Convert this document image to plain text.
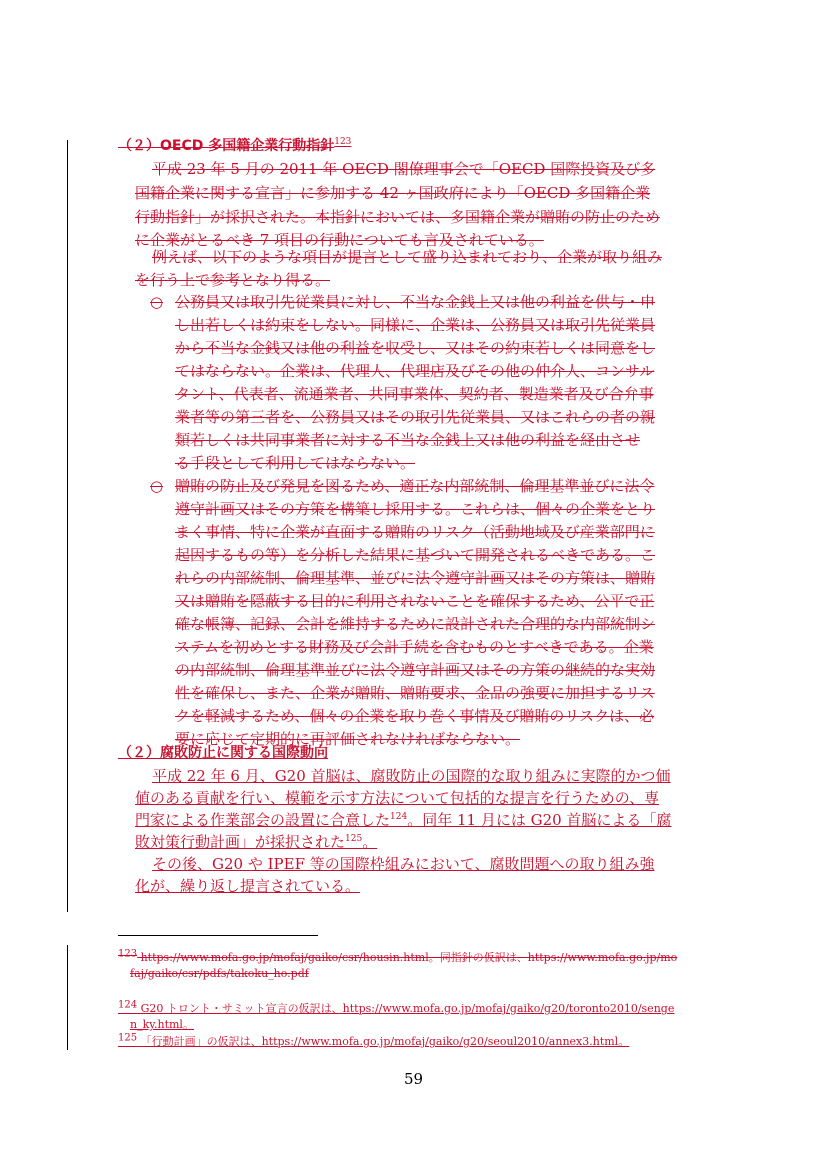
（２）OECD 多国籍企業行動指針$^{123}$
平成 23 年 5 月の 2011 年 OECD 閣僚理事会で「OECD 国際投資及び多
国籍企業に関する宣言」に参加する 42 ヶ国政府により「OECD 多国籍企業
行動指針」が採択された。本指針においては、多国籍企業が贈賄の防止のため
に企業がとるべき 7 項目の行動についても言及されている。
例えば、以下のような項目が提言として盛り込まれており、企業が取り組み
を行う上で参考となり得る。
○ 公務員又は取引先従業員に対し、不当な金銭上又は他の利益を供与・申
し出若しくは約束をしない。同様に、企業は、公務員又は取引先従業員
から不当な金銭又は他の利益を収受し、又はその約束若しくは同意をし
てはならない。企業は、代理人、代理店及びその他の仲介人、コンサル
タント、代表者、流通業者、共同事業体、契約者、製造業者及び合弁事
業者等の第三者を、公務員又はその取引先従業員、又はこれらの者の親
類若しくは共同事業者に対する不当な金銭上又は他の利益を経由させ
る手段として利用してはならない。
○ 贈賄の防止及び発見を図るため、適正な内部統制、倫理基準並びに法令
遵守計画又はその方策を構築し採用する。これらは、個々の企業をとり
まく事情、特に企業が直面する贈賄のリスク（活動地域及び産業部門に
起因するもの等）を分析した結果に基づいて開発されるべきである。こ
れらの内部統制、倫理基準、並びに法令遵守計画又はその方策は、贈賄
又は贈賄を隠蔽する目的に利用されないことを確保するため、公平で正
確な帳簿、記録、会計を維持するために設計された合理的な内部統制シ
ステムを初めとする財務及び会計手続を含むものとすべきである。企業
の内部統制、倫理基準並びに法令遵守計画又はその方策の継続的な実効
性を確保し、また、企業が贈賄、贈賄要求、金品の強要に加担するリス
クを軽減するため、個々の企業を取り巻く事情及び贈賄のリスクは、必
要に応じて定期的に再評価されなければならない。
（２）腐敗防止に関する国際動向
平成 22 年 6 月、G20 首脳は、腐敗防止の国際的な取り組みに実際的かつ価
値のある貢献を行い、模範を示す方法について包括的な提言を行うための、専
門家による作業部会の設置に合意した$^{124}$。同年 11 月には G20 首脳による「腐
敗対策行動計画」が採択された$^{125}$。
その後、G20 や IPEF 等の国際枠組みにおいて、腐敗問題への取り組み強
化が、繰り返し提言されている。
123 https://www.mofa.go.jp/mofaj/gaiko/csr/housin.html。同指針の仮訳は、https://www.mofa.go.jp/mo
faj/gaiko/csr/pdfs/takoku_ho.pdf
124 G20 トロント・サミット宣言の仮訳は、https://www.mofa.go.jp/mofaj/gaiko/g20/toronto2010/senge
n_ky.html。
125 「行動計画」の仮訳は、https://www.mofa.go.jp/mofaj/gaiko/g20/seoul2010/annex3.html。
59
